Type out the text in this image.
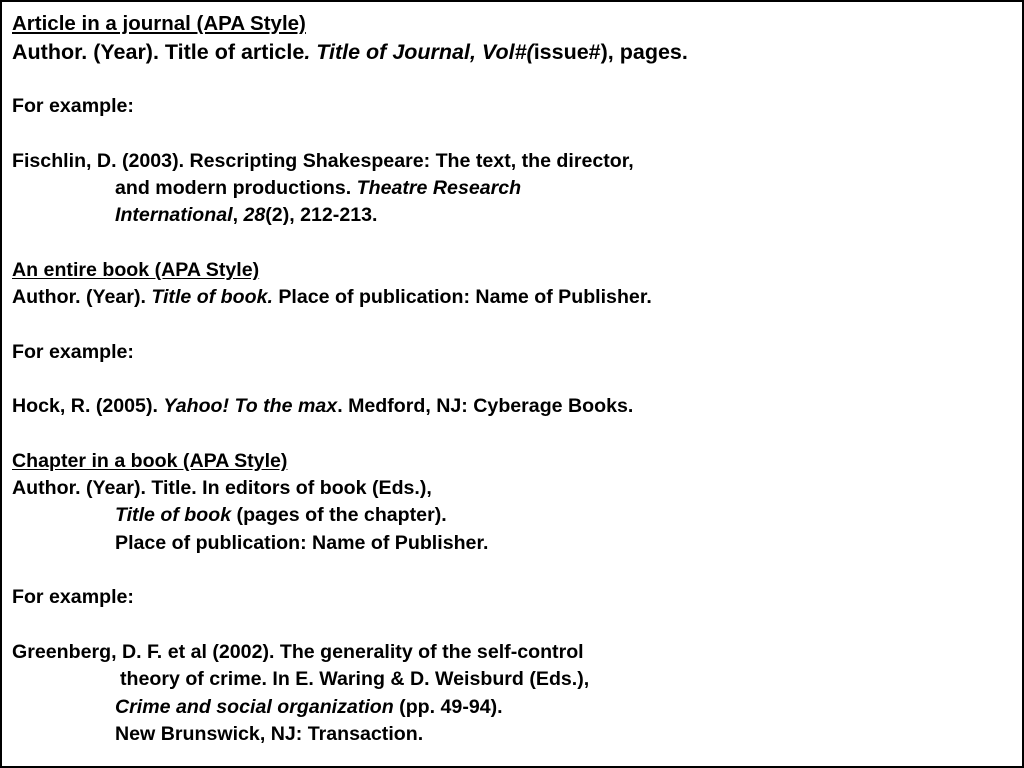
Article in a journal (APA Style)
Author. (Year). Title of article. Title of Journal, Vol#(issue#), pages.
For example:
Fischlin, D. (2003). Rescripting Shakespeare: The text, the director,
and modern productions. Theatre Research
International, 28(2), 212-213.
An entire book (APA Style)
Author. (Year). Title of book. Place of publication: Name of Publisher.
For example:
Hock, R. (2005). Yahoo! To the max. Medford, NJ: Cyberage Books.
Chapter in a book (APA Style)
Author. (Year). Title. In editors of book (Eds.),
Title of book (pages of the chapter).
Place of publication: Name of Publisher.
For example:
Greenberg, D. F. et al (2002). The generality of the self-control
theory of crime. In E. Waring & D. Weisburd (Eds.),
Crime and social organization (pp. 49-94).
New Brunswick, NJ: Transaction.
